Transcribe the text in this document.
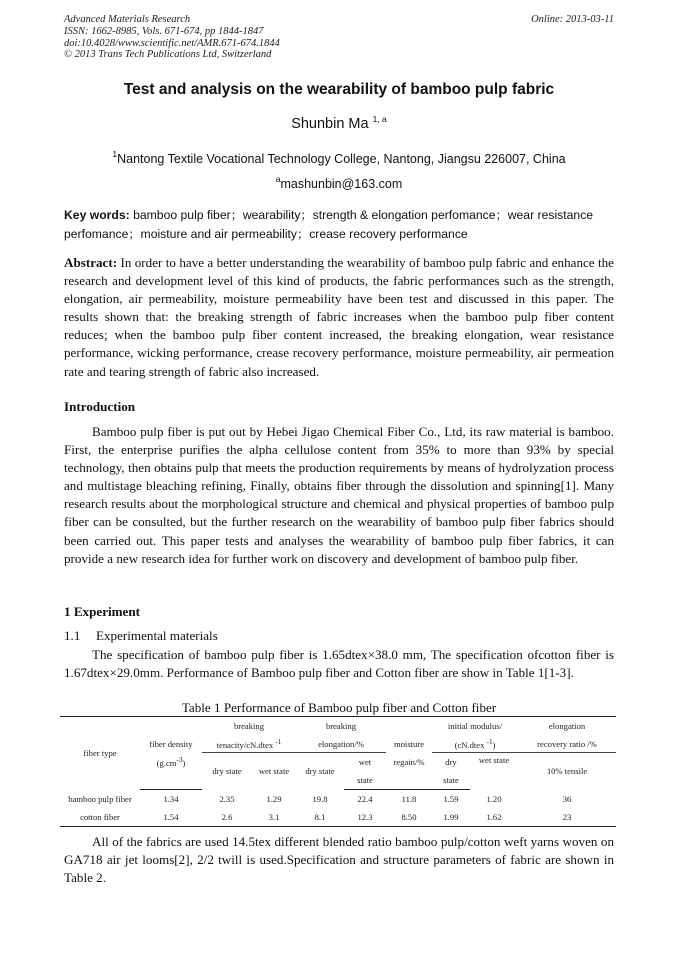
Advanced Materials Research
ISSN: 1662-8985, Vols. 671-674, pp 1844-1847
doi:10.4028/www.scientific.net/AMR.671-674.1844
© 2013 Trans Tech Publications Ltd, Switzerland
Online: 2013-03-11
Test and analysis on the wearability of bamboo pulp fabric
Shunbin Ma $^{1, a}$
$^1$Nantong Textile Vocational Technology College, Nantong, Jiangsu 226007, China
$^a$mashunbin@163.com
Key words: bamboo pulp fiber；wearability；strength & elongation perfomance；wear resistance perfomance；moisture and air permeability；crease recovery performance
Abstract: In order to have a better understanding the wearability of bamboo pulp fabric and enhance the research and development level of this kind of products, the fabric performances such as the strength, elongation, air permeability, moisture permeability have been test and discussed in this paper. The results shown that: the breaking strength of fabric increases when the bamboo pulp fiber content reduces; when the bamboo pulp fiber content increased, the breaking elongation, wear resistance performance, wicking performance, crease recovery performance, moisture permeability, air permeation rate and tearing strength of fabric also increased.
Introduction
Bamboo pulp fiber is put out by Hebei Jigao Chemical Fiber Co., Ltd, its raw material is bamboo. First, the enterprise purifies the alpha cellulose content from 35% to more than 93% by special technology, then obtains pulp that meets the production requirements by means of hydrolyzation process and multistage bleaching refining, Finally, obtains fiber through the dissolution and spinning[1]. Many research results about the morphological structure and chemical and physical properties of bamboo pulp fiber can be consulted, but the further research on the wearability of bamboo pulp fiber fabrics should been carried out. This paper tests and analyses the wearability of bamboo pulp fiber fabrics, it can provide a new research idea for further work on discovery and development of bamboo pulp fiber.
1 Experiment
1.1 Experimental materials
The specification of bamboo pulp fiber is 1.65dtex×38.0 mm, The specification ofcotton fiber is 1.67dtex×29.0mm. Performance of Bamboo pulp fiber and Cotton fiber are show in Table 1[1-3].
Table 1 Performance of Bamboo pulp fiber and Cotton fiber
fiber type		breaking		breaking			initial modulus/		elongation
	fiber density	tenacity/cN.dtex $^{-1}$		elongation/%		moisture	(cN.dtex $^{-1}$)		recovery ratio /%
	$(g.cm^{-3})$	dry state	wet state	dry state	wet	regain/%	dry	wet state	10% tensile
					state		state		
bamboo pulp fiber	1.34	2.35	1.29	19.8	22.4	11.8	1.59	1.20	36
cotton fiber	1.54	2.6	3.1	8.1	12.3	8.50	1.99	1.62	23
All of the fabrics are used 14.5tex different blended ratio bamboo pulp/cotton weft yarns woven on GA718 air jet looms[2], 2/2 twill is used.Specification and structure parameters of fabric are shown in Table 2.
